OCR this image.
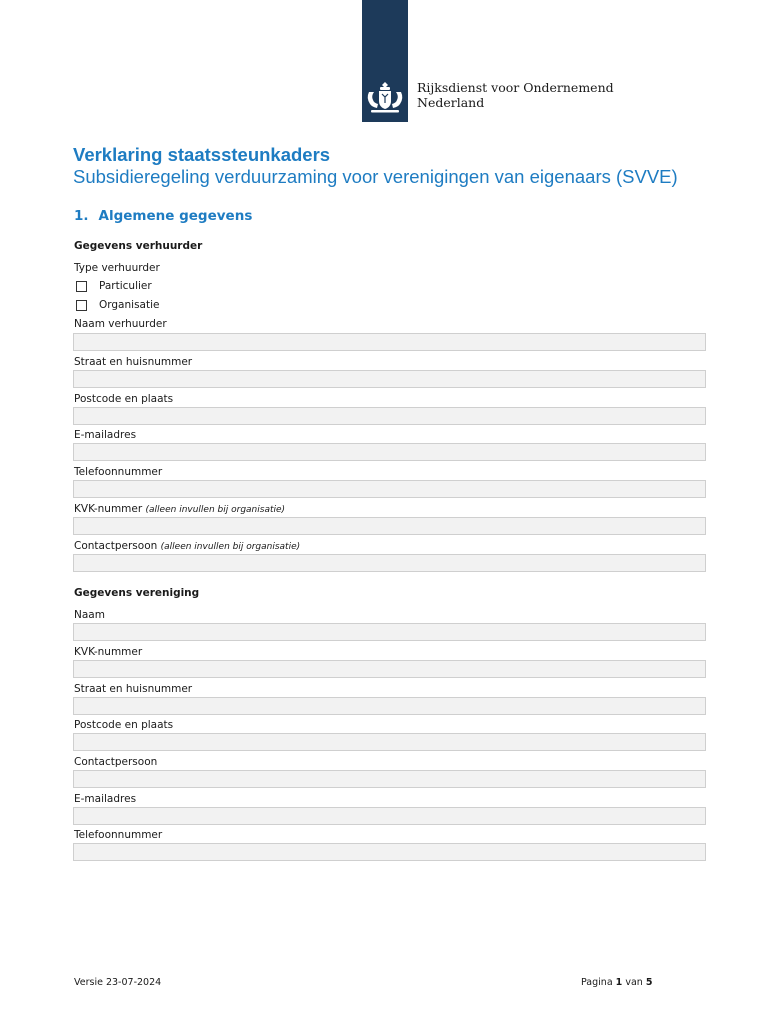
Rijksdienst voor Ondernemend
Nederland
Verklaring staatssteunkaders
Subsidieregeling verduurzaming voor verenigingen van eigenaars (SVVE)
1. Algemene gegevens
Gegevens verhuurder
Type verhuurder
Particulier
Organisatie
Naam verhuurder
Straat en huisnummer
Postcode en plaats
E-mailadres
Telefoonnummer
KVK-nummer (alleen invullen bij organisatie)
Contactpersoon (alleen invullen bij organisatie)
Gegevens vereniging
Naam
KVK-nummer
Straat en huisnummer
Postcode en plaats
Contactpersoon
E-mailadres
Telefoonnummer
Versie 23-07-2024	Pagina 1 van 5
